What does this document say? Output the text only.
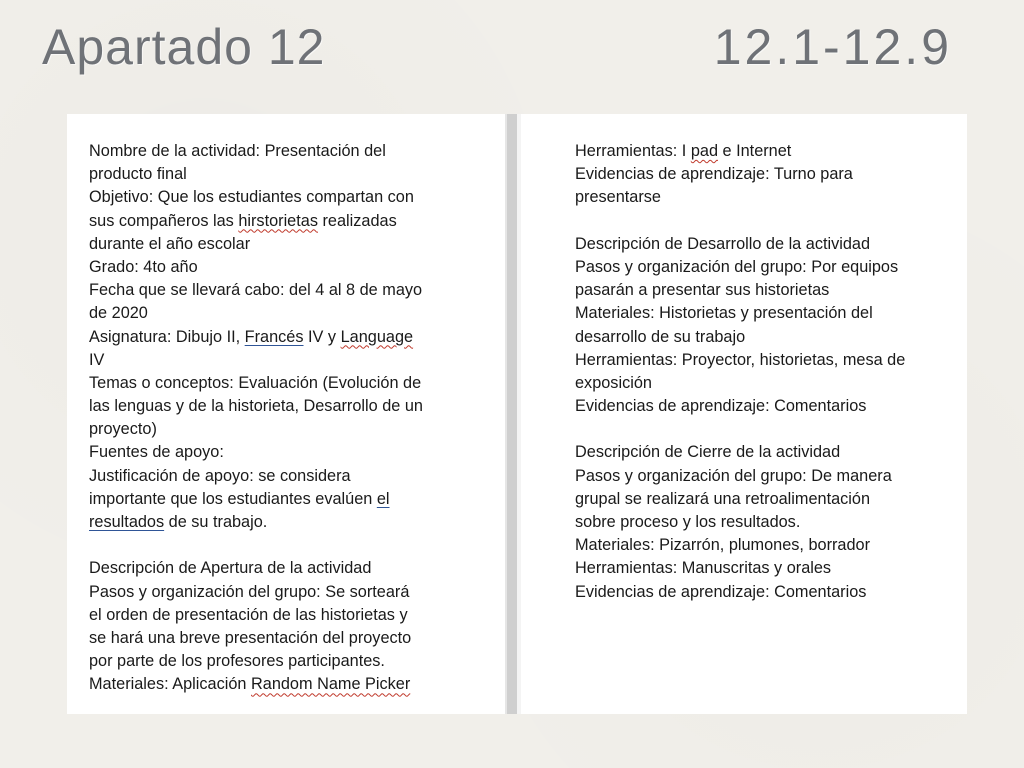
Apartado 12	12.1-12.9
Nombre de la actividad: Presentación del
producto final
Objetivo: Que los estudiantes compartan con
sus compañeros las hirstorietas realizadas
durante el año escolar
Grado: 4to año
Fecha que se llevará cabo: del 4 al 8 de mayo
de 2020
Asignatura: Dibujo II, Francés IV y Language
IV
Temas o conceptos: Evaluación (Evolución de
las lenguas y de la historieta, Desarrollo de un
proyecto)
Fuentes de apoyo:
Justificación de apoyo: se considera
importante que los estudiantes evalúen el
resultados de su trabajo.
Descripción de Apertura de la actividad
Pasos y organización del grupo: Se sorteará
el orden de presentación de las historietas y
se hará una breve presentación del proyecto
por parte de los profesores participantes.
Materiales: Aplicación Random Name Picker
Herramientas: I pad e Internet
Evidencias de aprendizaje: Turno para
presentarse
Descripción de Desarrollo de la actividad
Pasos y organización del grupo: Por equipos
pasarán a presentar sus historietas
Materiales: Historietas y presentación del
desarrollo de su trabajo
Herramientas: Proyector, historietas, mesa de
exposición
Evidencias de aprendizaje: Comentarios
Descripción de Cierre de la actividad
Pasos y organización del grupo: De manera
grupal se realizará una retroalimentación
sobre proceso y los resultados.
Materiales: Pizarrón, plumones, borrador
Herramientas: Manuscritas y orales
Evidencias de aprendizaje: Comentarios
